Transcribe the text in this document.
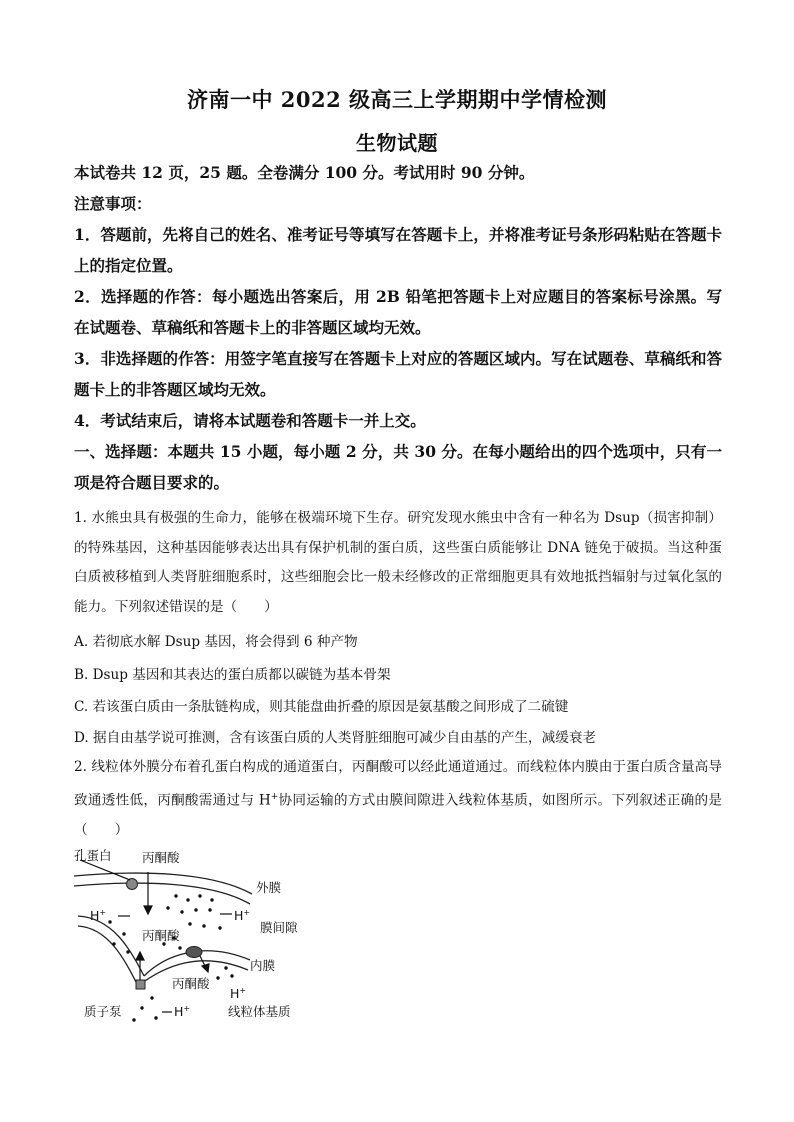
济南一中 2022 级高三上学期期中学情检测
生物试题

本试卷共 12 页，25 题。全卷满分 100 分。考试用时 90 分钟。

注意事项：

1．答题前，先将自己的姓名、准考证号等填写在答题卡上，并将准考证号条形码粘贴在答题卡上的指定位置。

2．选择题的作答：每小题选出答案后，用 2B 铅笔把答题卡上对应题目的答案标号涂黑。写在试题卷、草稿纸和答题卡上的非答题区域均无效。

3．非选择题的作答：用签字笔直接写在答题卡上对应的答题区域内。写在试题卷、草稿纸和答题卡上的非答题区域均无效。

4．考试结束后，请将本试题卷和答题卡一并上交。

一、选择题：本题共 15 小题，每小题 2 分，共 30 分。在每小题给出的四个选项中，只有一项是符合题目要求的。

1. 水熊虫具有极强的生命力，能够在极端环境下生存。研究发现水熊虫中含有一种名为 Dsup（损害抑制）的特殊基因，这种基因能够表达出具有保护机制的蛋白质，这些蛋白质能够让 DNA 链免于破损。当这种蛋白质被移植到人类肾脏细胞系时，这些细胞会比一般未经修改的正常细胞更具有效地抵挡辐射与过氧化氢的能力。下列叙述错误的是（　　）

A. 若彻底水解 Dsup 基因，将会得到 6 种产物

B. Dsup 基因和其表达的蛋白质都以碳链为基本骨架

C. 若该蛋白质由一条肽链构成，则其能盘曲折叠的原因是氨基酸之间形成了二硫键

D. 据自由基学说可推测，含有该蛋白质的人类肾脏细胞可减少自由基的产生，减缓衰老

2. 线粒体外膜分布着孔蛋白构成的通道蛋白，丙酮酸可以经此通道通过。而线粒体内膜由于蛋白质含量高导致通透性低，丙酮酸需通过与 H+协同运输的方式由膜间隙进入线粒体基质，如图所示。下列叙述正确的是（　　）

孔蛋白 丙酮酸
外膜
膜间隙
内膜
丙酮酸
丙酮酸
质子泵	线粒体基质
H+	H+
H+
H+
